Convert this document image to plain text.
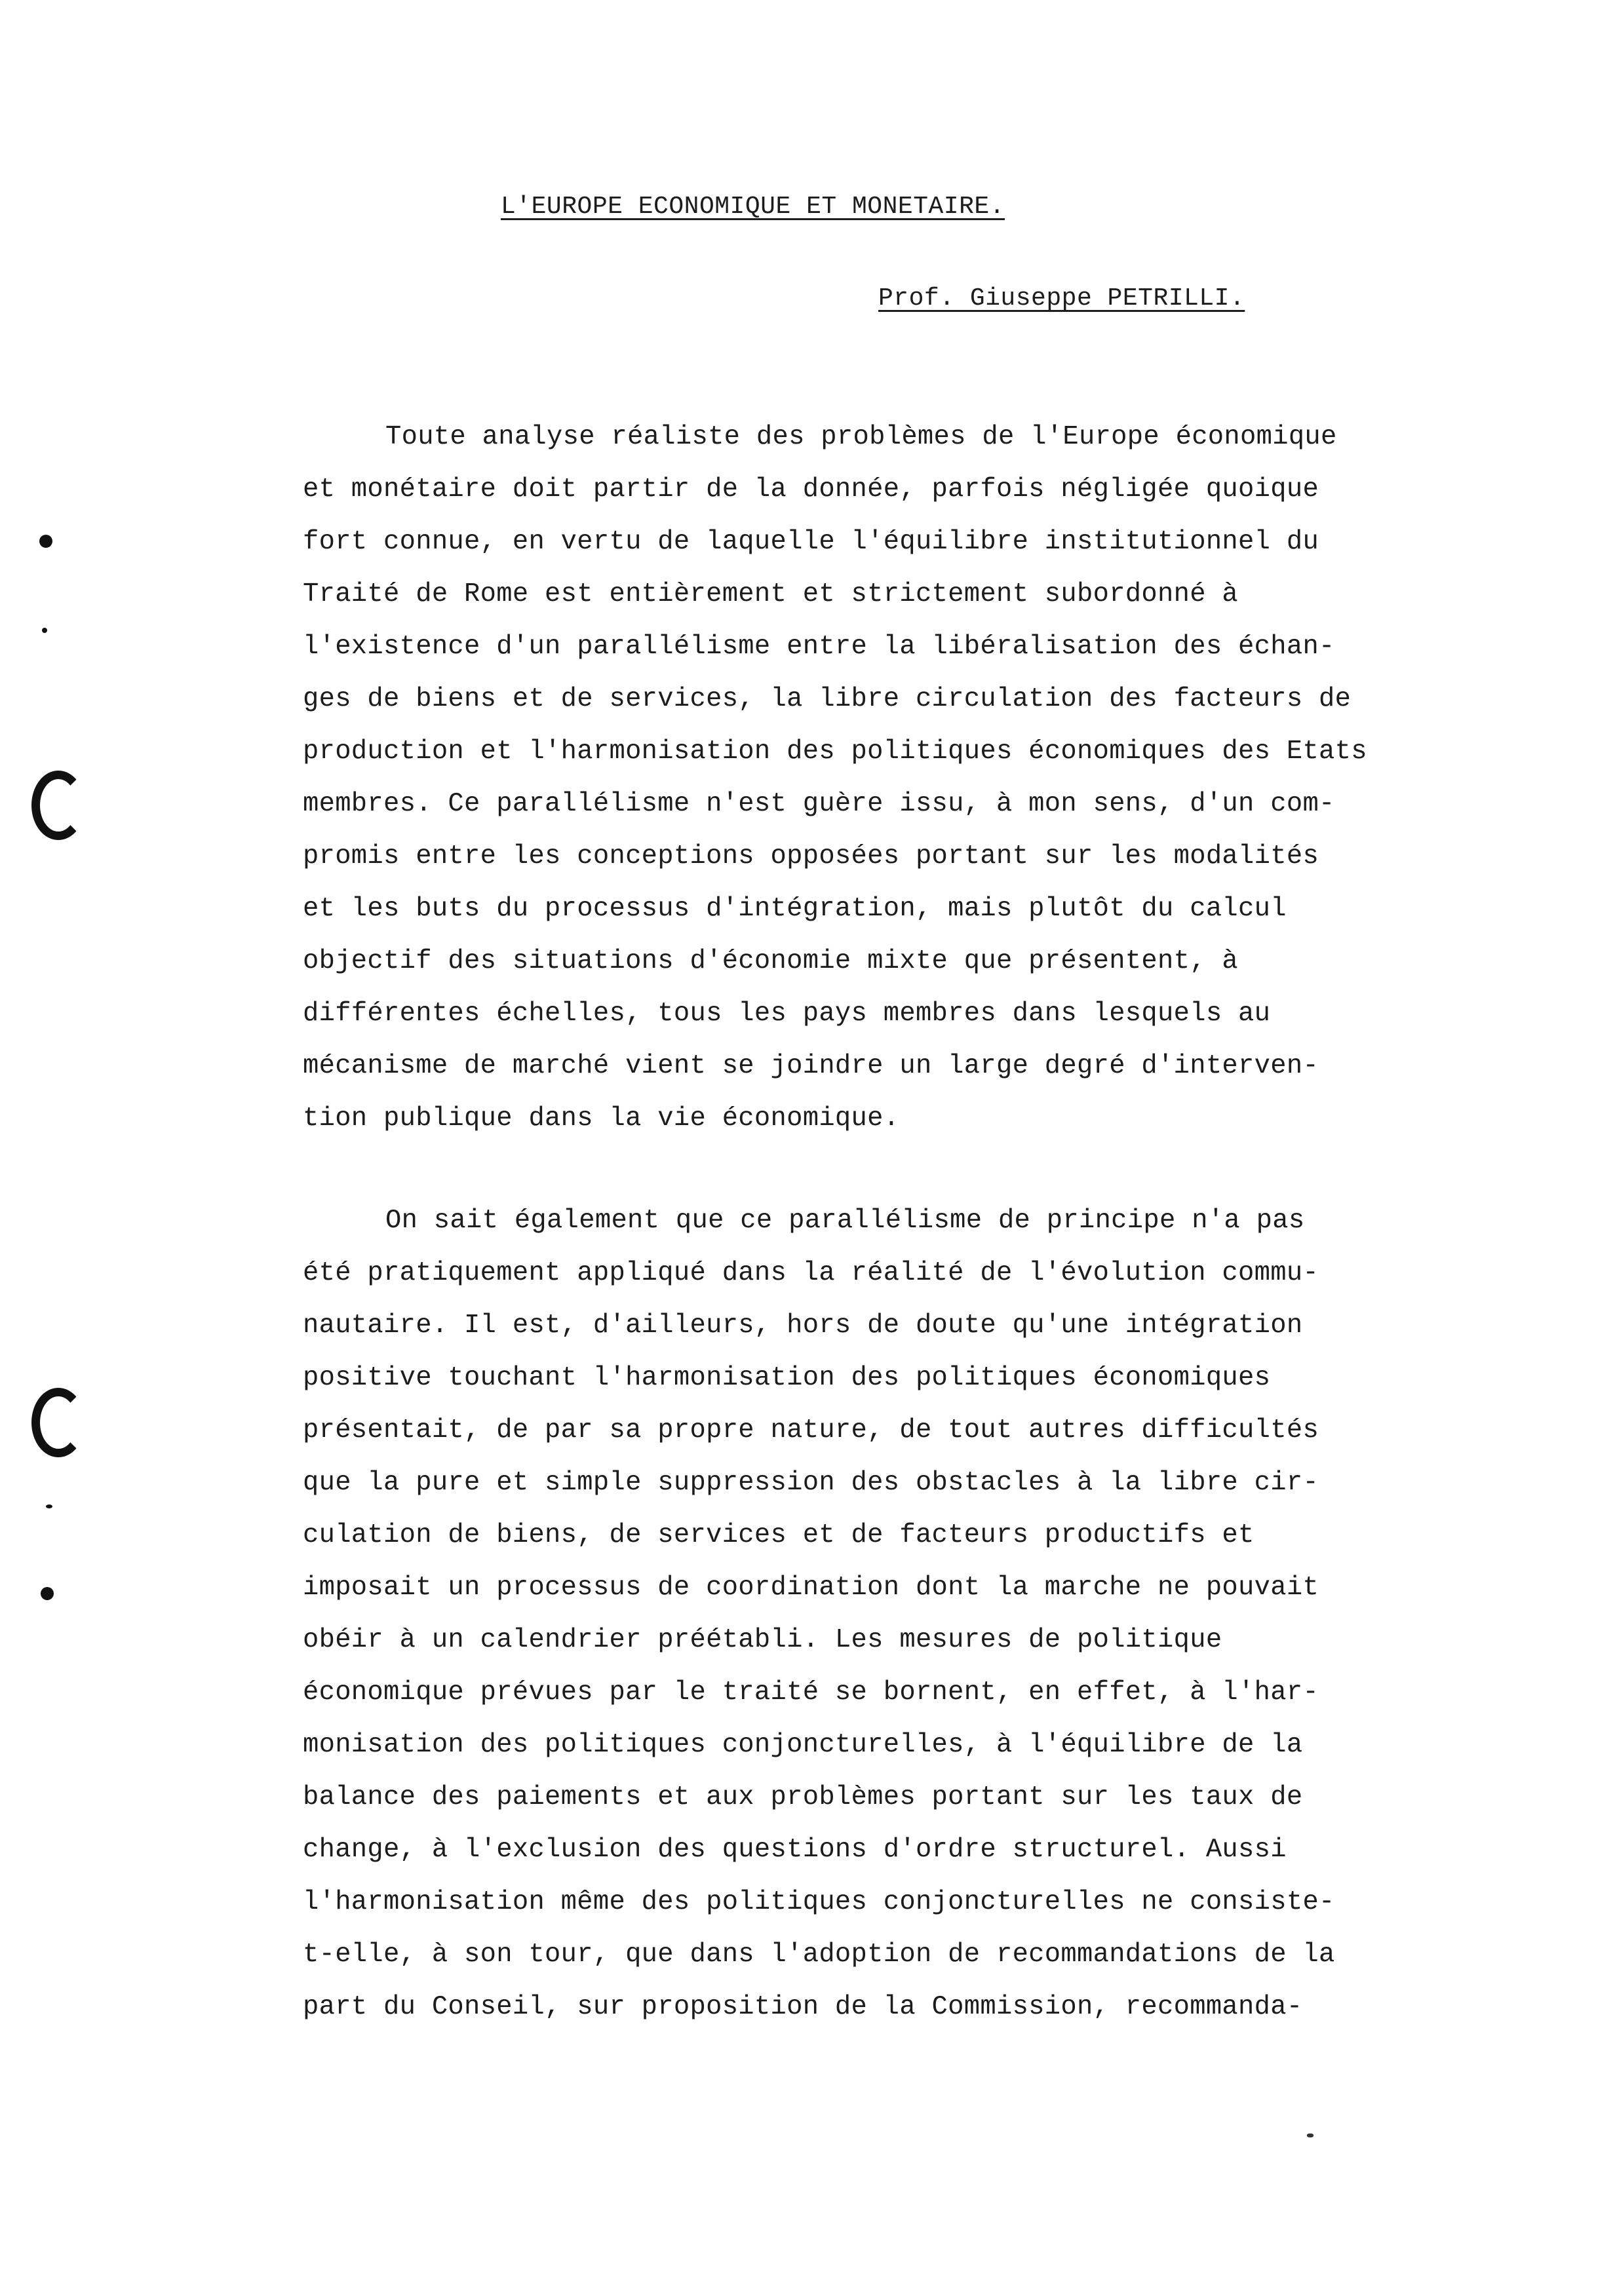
L'EUROPE ECONOMIQUE ET MONETAIRE.
Prof. Giuseppe PETRILLI.
Toute analyse réaliste des problèmes de l'Europe économique
et monétaire doit partir de la donnée, parfois négligée quoique
fort connue, en vertu de laquelle l'équilibre institutionnel du
Traité de Rome est entièrement et strictement subordonné à
l'existence d'un parallélisme entre la libéralisation des échan-
ges de biens et de services, la libre circulation des facteurs de
production et l'harmonisation des politiques économiques des Etats
membres. Ce parallélisme n'est guère issu, à mon sens, d'un com-
promis entre les conceptions opposées portant sur les modalités
et les buts du processus d'intégration, mais plutôt du calcul
objectif des situations d'économie mixte que présentent, à
différentes échelles, tous les pays membres dans lesquels au
mécanisme de marché vient se joindre un large degré d'interven-
tion publique dans la vie économique.
On sait également que ce parallélisme de principe n'a pas
été pratiquement appliqué dans la réalité de l'évolution commu-
nautaire. Il est, d'ailleurs, hors de doute qu'une intégration
positive touchant l'harmonisation des politiques économiques
présentait, de par sa propre nature, de tout autres difficultés
que la pure et simple suppression des obstacles à la libre cir-
culation de biens, de services et de facteurs productifs et
imposait un processus de coordination dont la marche ne pouvait
obéir à un calendrier préétabli. Les mesures de politique
économique prévues par le traité se bornent, en effet, à l'har-
monisation des politiques conjoncturelles, à l'équilibre de la
balance des paiements et aux problèmes portant sur les taux de
change, à l'exclusion des questions d'ordre structurel. Aussi
l'harmonisation même des politiques conjoncturelles ne consiste-
t-elle, à son tour, que dans l'adoption de recommandations de la
part du Conseil, sur proposition de la Commission, recommanda-
